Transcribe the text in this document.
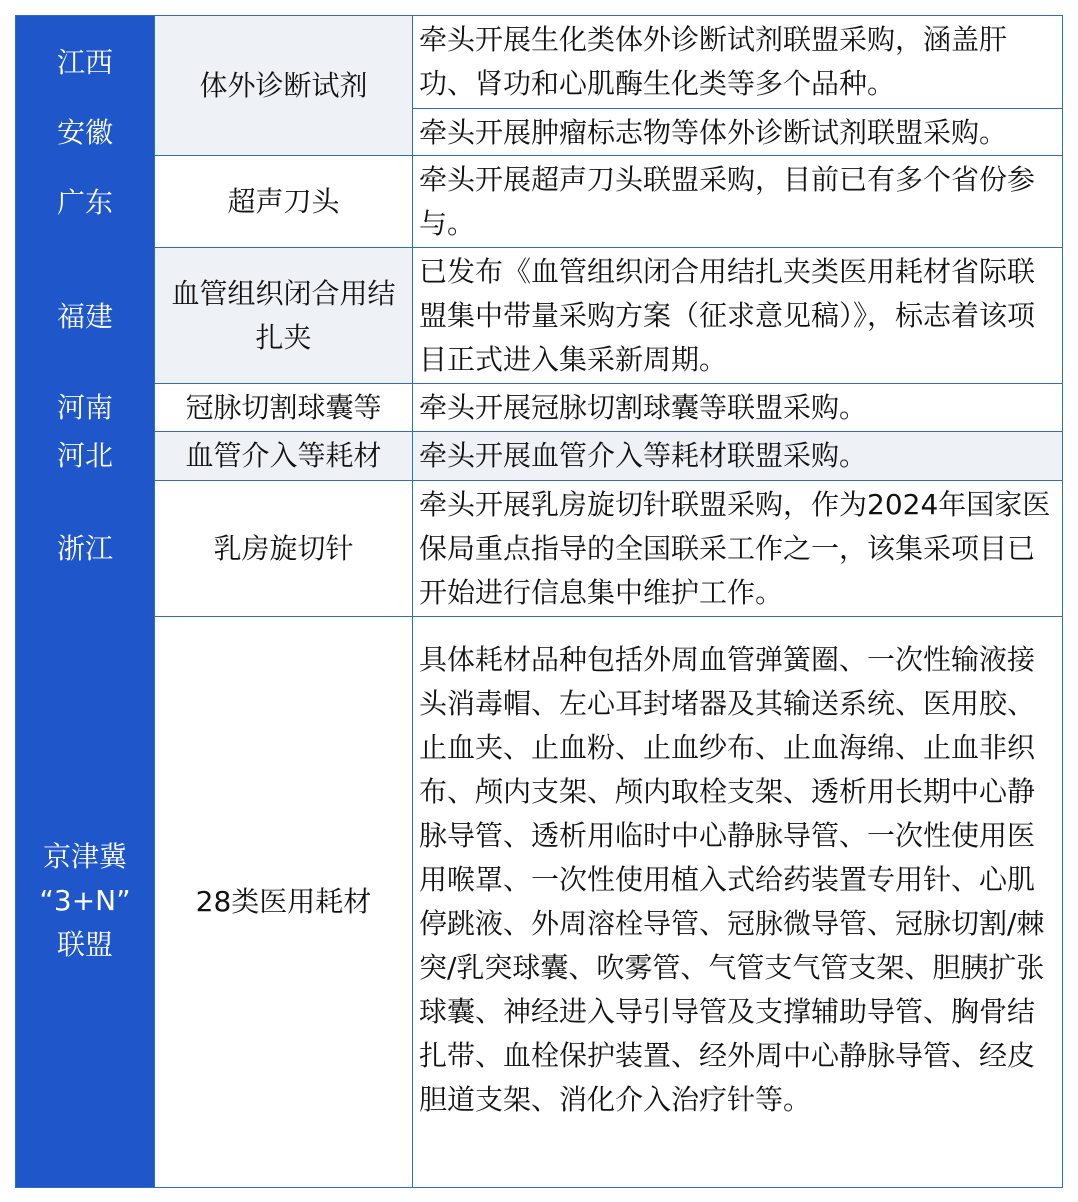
江西
安徽
广东
福建
河南
河北
浙江
京津冀
“3+N”
联盟
体外诊断试剂
牵头开展生化类体外诊断试剂联盟采购，涵盖肝功、肾功和心肌酶生化类等多个品种。
牵头开展肿瘤标志物等体外诊断试剂联盟采购。
超声刀头
牵头开展超声刀头联盟采购，目前已有多个省份参与。
血管组织闭合用结扎夹
已发布《血管组织闭合用结扎夹类医用耗材省际联盟集中带量采购方案（征求意见稿）》，标志着该项目正式进入集采新周期。
冠脉切割球囊等	牵头开展冠脉切割球囊等联盟采购。
血管介入等耗材	牵头开展血管介入等耗材联盟采购。
乳房旋切针
牵头开展乳房旋切针联盟采购，作为2024年国家医保局重点指导的全国联采工作之一，该集采项目已开始进行信息集中维护工作。
28类医用耗材
具体耗材品种包括外周血管弹簧圈、一次性输液接头消毒帽、左心耳封堵器及其输送系统、医用胶、止血夹、止血粉、止血纱布、止血海绵、止血非织布、颅内支架、颅内取栓支架、透析用长期中心静脉导管、透析用临时中心静脉导管、一次性使用医用喉罩、一次性使用植入式给药装置专用针、心肌停跳液、外周溶栓导管、冠脉微导管、冠脉切割/棘突/乳突球囊、吹雾管、气管支气管支架、胆胰扩张球囊、神经进入导引导管及支撑辅助导管、胸骨结扎带、血栓保护装置、经外周中心静脉导管、经皮胆道支架、消化介入治疗针等。
